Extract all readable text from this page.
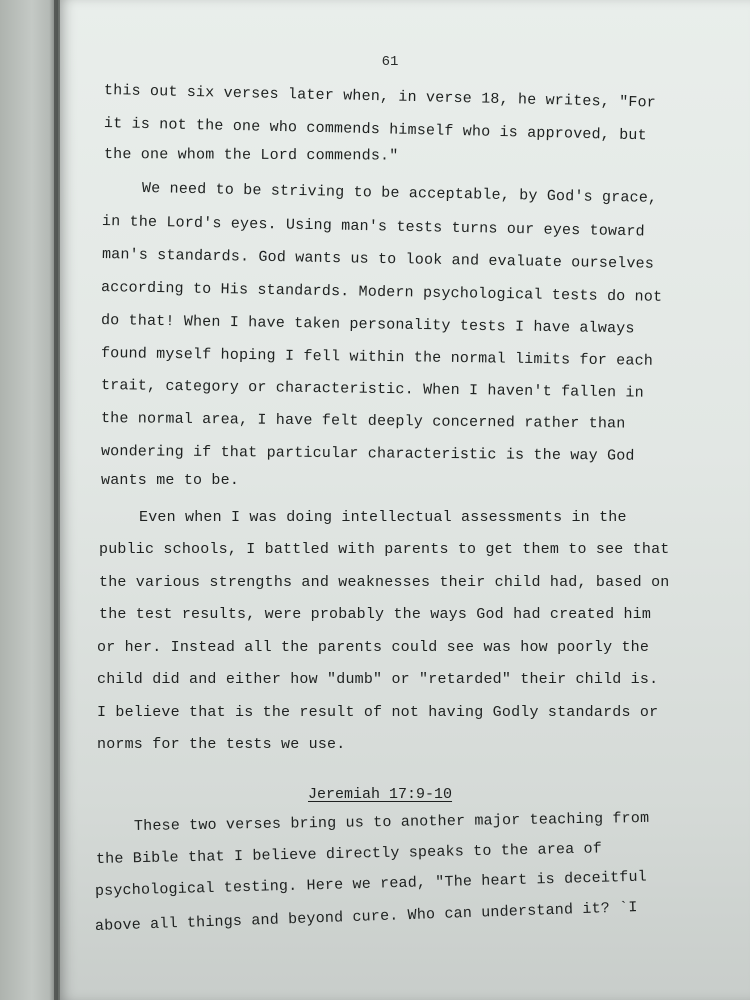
61
this out six verses later when, in verse 18, he writes, "For
it is not the one who commends himself who is approved, but
the one whom the Lord commends."
We need to be striving to be acceptable, by God's grace,
in the Lord's eyes. Using man's tests turns our eyes toward
man's standards. God wants us to look and evaluate ourselves
according to His standards. Modern psychological tests do not
do that! When I have taken personality tests I have always
found myself hoping I fell within the normal limits for each
trait, category or characteristic. When I haven't fallen in
the normal area, I have felt deeply concerned rather than
wondering if that particular characteristic is the way God
wants me to be.
Even when I was doing intellectual assessments in the
public schools, I battled with parents to get them to see that
the various strengths and weaknesses their child had, based on
the test results, were probably the ways God had created him
or her. Instead all the parents could see was how poorly the
child did and either how "dumb" or "retarded" their child is.
I believe that is the result of not having Godly standards or
norms for the tests we use.
Jeremiah 17:9-10
These two verses bring us to another major teaching from
the Bible that I believe directly speaks to the area of
psychological testing. Here we read, "The heart is deceitful
above all things and beyond cure. Who can understand it? `I
